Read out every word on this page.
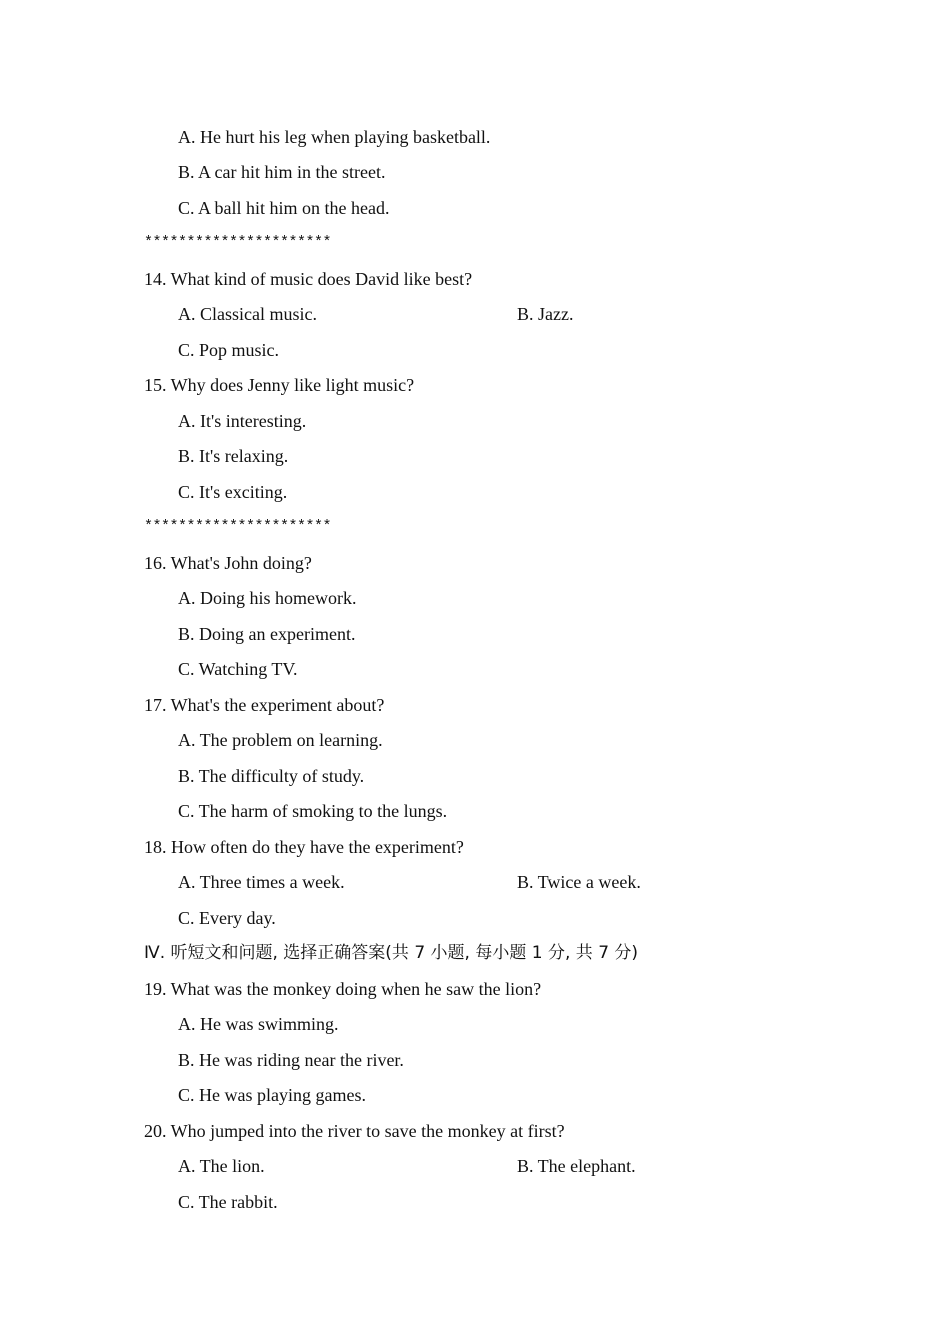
A. He hurt his leg when playing basketball.
B. A car hit him in the street.
C. A ball hit him on the head.
**********************
14. What kind of music does David like best?
A. Classical music.	B. Jazz.
C. Pop music.
15. Why does Jenny like light music?
A. It's interesting.
B. It's relaxing.
C. It's exciting.
**********************
16. What's John doing?
A. Doing his homework.
B. Doing an experiment.
C. Watching TV.
17. What's the experiment about?
A. The problem on learning.
B. The difficulty of study.
C. The harm of smoking to the lungs.
18. How often do they have the experiment?
A. Three times a week.	B. Twice a week.
C. Every day.
Ⅳ. 听短文和问题, 选择正确答案(共 7 小题, 每小题 1 分, 共 7 分)
19. What was the monkey doing when he saw the lion?
A. He was swimming.
B. He was riding near the river.
C. He was playing games.
20. Who jumped into the river to save the monkey at first?
A. The lion.	B. The elephant.
C. The rabbit.
